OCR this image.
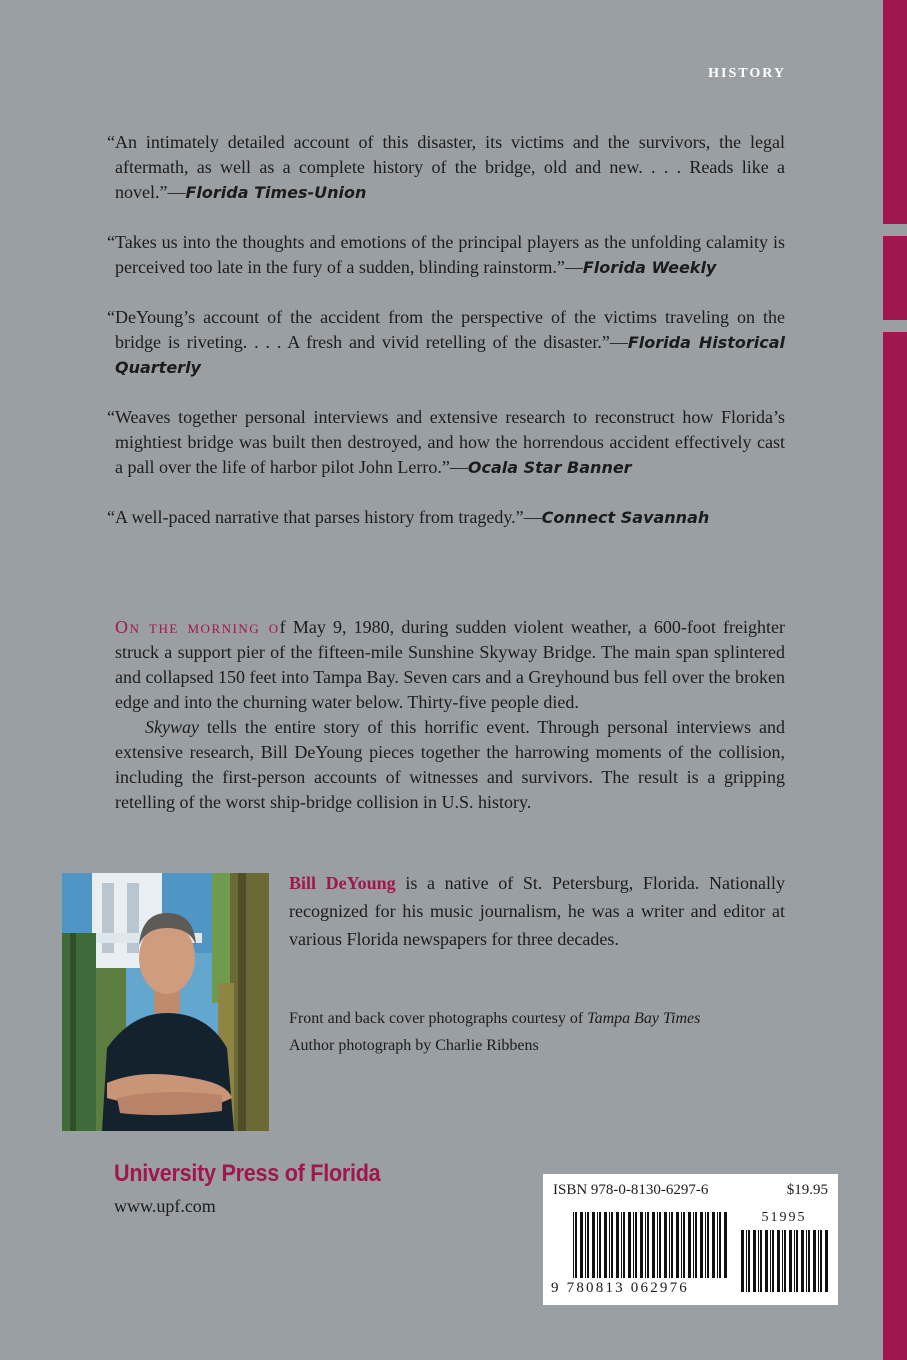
HISTORY

“An intimately detailed account of this disaster, its victims and the survivors, the legal aftermath, as well as a complete history of the bridge, old and new. . . . Reads like a novel.”—Florida Times-Union

“Takes us into the thoughts and emotions of the principal players as the unfolding calamity is perceived too late in the fury of a sudden, blinding rainstorm.”—Florida Weekly

“DeYoung’s account of the accident from the perspective of the victims traveling on the bridge is riveting. . . . A fresh and vivid retelling of the disaster.”—Florida Historical Quarterly

“Weaves together personal interviews and extensive research to reconstruct how Florida’s mightiest bridge was built then destroyed, and how the horrendous accident effectively cast a pall over the life of harbor pilot John Lerro.”—Ocala Star Banner

“A well-paced narrative that parses history from tragedy.”—Connect Savannah

On the morning of May 9, 1980, during sudden violent weather, a 600-foot freighter struck a support pier of the fifteen-mile Sunshine Skyway Bridge. The main span splintered and collapsed 150 feet into Tampa Bay. Seven cars and a Greyhound bus fell over the broken edge and into the churning water below. Thirty-five people died.

Skyway tells the entire story of this horrific event. Through personal interviews and extensive research, Bill DeYoung pieces together the harrowing moments of the collision, including the first-person accounts of witnesses and survivors. The result is a gripping retelling of the worst ship-bridge collision in U.S. history.

Bill DeYoung is a native of St. Petersburg, Florida. Nationally recognized for his music journalism, he was a writer and editor at various Florida newspapers for three decades.
Front and back cover photographs courtesy of Tampa Bay Times
Author photograph by Charlie Ribbens
University Press of Florida
www.upf.com
ISBN 978-0-8130-6297-6	$19.95
51995
9 780813 062976
